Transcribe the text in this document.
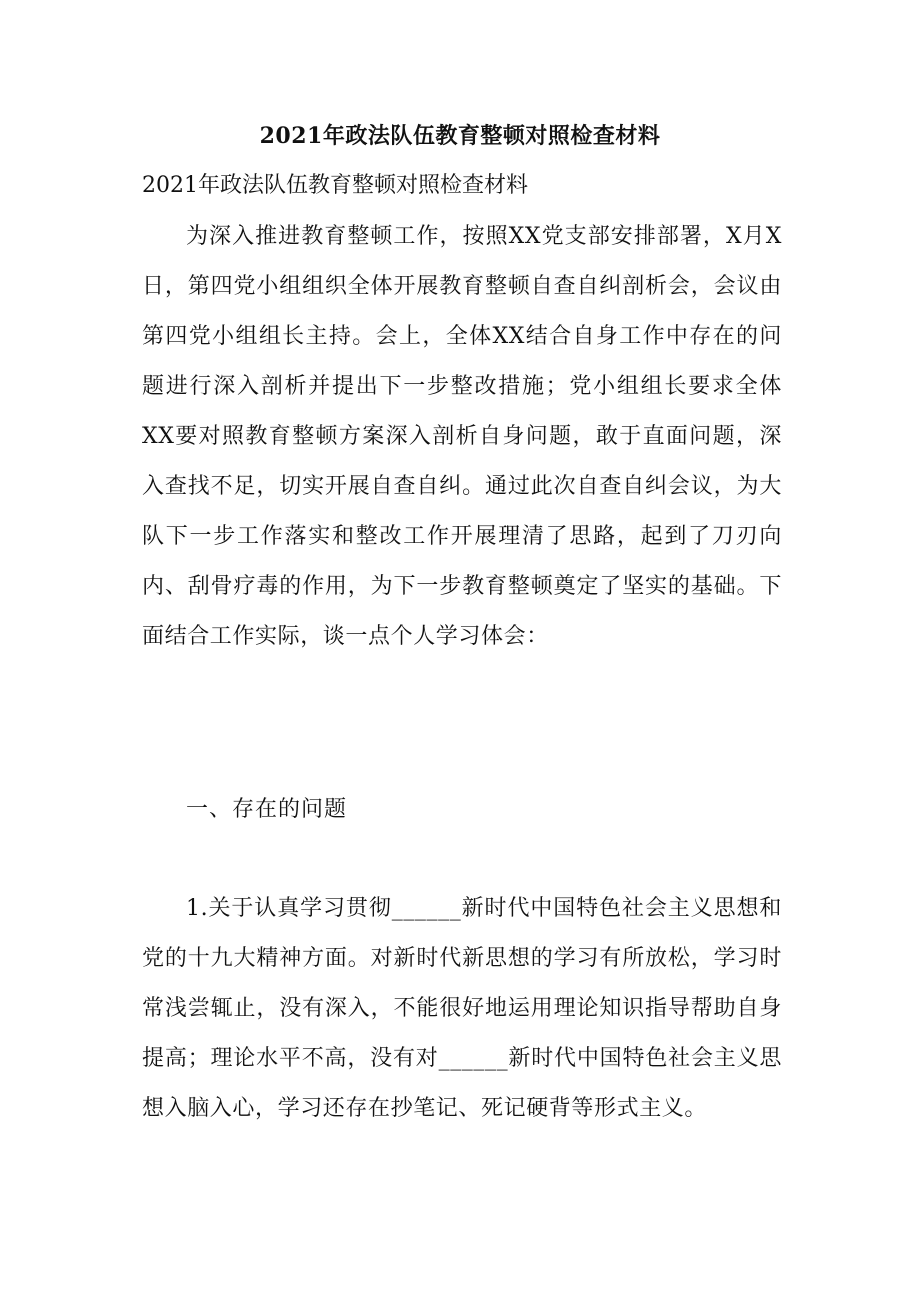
2021年政法队伍教育整顿对照检查材料
2021年政法队伍教育整顿对照检查材料
为深入推进教育整顿工作，按照XX党支部安排部署，X月X日，第四党小组组织全体开展教育整顿自查自纠剖析会，会议由第四党小组组长主持。会上，全体XX结合自身工作中存在的问题进行深入剖析并提出下一步整改措施；党小组组长要求全体XX要对照教育整顿方案深入剖析自身问题，敢于直面问题，深入查找不足，切实开展自查自纠。通过此次自查自纠会议，为大队下一步工作落实和整改工作开展理清了思路，起到了刀刃向内、刮骨疗毒的作用，为下一步教育整顿奠定了坚实的基础。下面结合工作实际，谈一点个人学习体会：
一、存在的问题
1.关于认真学习贯彻______新时代中国特色社会主义思想和党的十九大精神方面。对新时代新思想的学习有所放松，学习时常浅尝辄止，没有深入，不能很好地运用理论知识指导帮助自身提高；理论水平不高，没有对______新时代中国特色社会主义思想入脑入心，学习还存在抄笔记、死记硬背等形式主义。
